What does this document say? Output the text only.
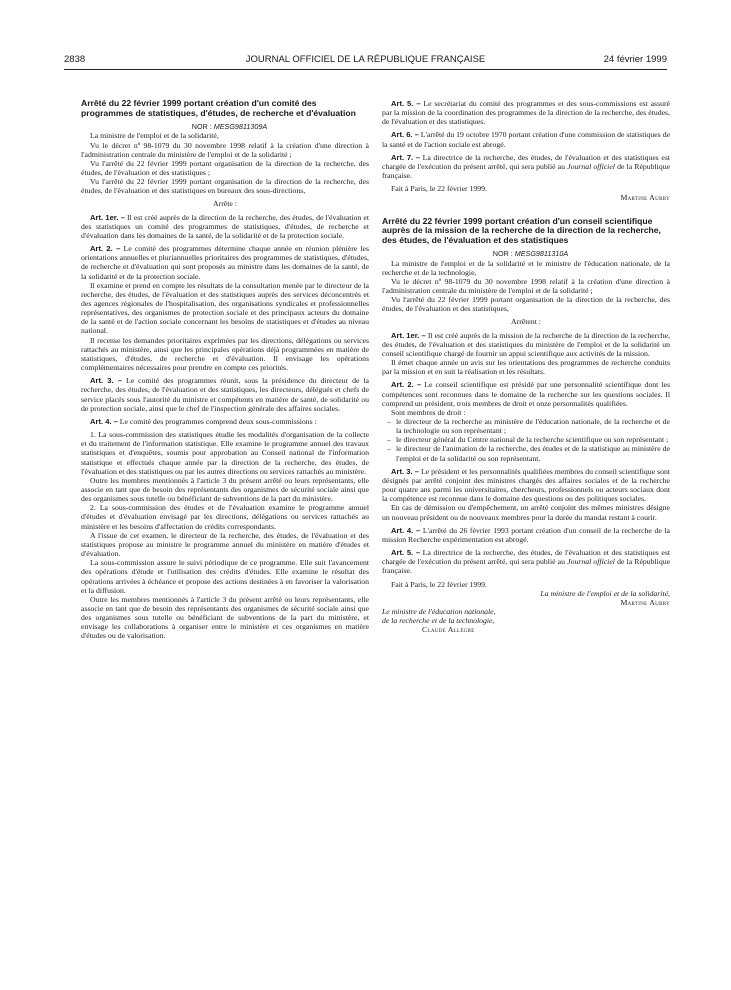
2838	JOURNAL OFFICIEL DE LA RÉPUBLIQUE FRANÇAISE	24 février 1999
Arrêté du 22 février 1999 portant création d'un comité des programmes de statistiques, d'études, de recherche et d'évaluation

NOR : MESG9811309A

La ministre de l'emploi et de la solidarité,

Vu le décret nº 98-1079 du 30 novembre 1998 relatif à la création d'une direction à l'administration centrale du ministère de l'emploi et de la solidarité ;

Vu l'arrêté du 22 février 1999 portant organisation de la direction de la recherche, des études, de l'évaluation et des statistiques ;

Vu l'arrêté du 22 février 1999 portant organisation de la direction de la recherche, des études, de l'évaluation et des statistiques en bureaux des sous-directions,

Arrête :

Art. 1er. – Il est créé auprès de la direction de la recherche, des études, de l'évaluation et des statistiques un comité des programmes de statistiques, d'études, de recherche et d'évaluation dans les domaines de la santé, de la solidarité et de la protection sociale.

Art. 2. – Le comité des programmes détermine chaque année en réunion plénière les orientations annuelles et pluriannuelles prioritaires des programmes de statistiques, d'études, de recherche et d'évaluation qui sont proposés au ministre dans les domaines de la santé, de la solidarité et de la protection sociale.

Il examine et prend en compte les résultats de la consultation menée par le directeur de la recherche, des études, de l'évaluation et des statistiques auprès des services déconcentrés et des agences régionales de l'hospitalisation, des organisations syndicales et professionnelles représentatives, des organismes de protection sociale et des principaux acteurs du domaine de la santé et de l'action sociale concernant les besoins de statistiques et d'études au niveau national.

Il recense les demandes prioritaires exprimées par les directions, délégations ou services rattachés au ministère, ainsi que les principales opérations déjà programmées en matière de statistiques, d'études, de recherche et d'évaluation. Il envisage les opérations complémentaires nécessaires pour prendre en compte ces priorités.

Art. 3. – Le comité des programmes réunit, sous la présidence du directeur de la recherche, des études, de l'évaluation et des statistiques, les directeurs, délégués et chefs de service placés sous l'autorité du ministre et compétents en matière de santé, de solidarité ou de protection sociale, ainsi que le chef de l'inspection générale des affaires sociales.

Art. 4. – Le comité des programmes comprend deux sous-commissions :

1. La sous-commission des statistiques étudie les modalités d'organisation de la collecte et du traitement de l'information statistique. Elle examine le programme annuel des travaux statistiques et d'enquêtes, soumis pour approbation au Conseil national de l'information statistique et effectués chaque année par la direction de la recherche, des études, de l'évaluation et des statistiques ou par les autres directions ou services rattachés au ministère.

Outre les membres mentionnés à l'article 3 du présent arrêté ou leurs représentants, elle associe en tant que de besoin des représentants des organismes de sécurité sociale ainsi que des organismes sous tutelle ou bénéficiant de subventions de la part du ministère.

2. La sous-commission des études et de l'évaluation examine le programme annuel d'études et d'évaluation envisagé par les directions, délégations ou services rattachés au ministère et les besoins d'affectation de crédits correspondants.

A l'issue de cet examen, le directeur de la recherche, des études, de l'évaluation et des statistiques propose au ministre le programme annuel du ministère en matière d'études et d'évaluation.

La sous-commission assure le suivi périodique de ce programme. Elle suit l'avancement des opérations d'étude et l'utilisation des crédits d'études. Elle examine le résultat des opérations arrivées à échéance et propose des actions destinées à en favoriser la valorisation et la diffusion.

Outre les membres mentionnés à l'article 3 du présent arrêté ou leurs représentants, elle associe en tant que de besoin des représentants des organismes de sécurité sociale ainsi que des organismes sous tutelle ou bénéficiant de subventions de la part du ministère, et envisage les collaborations à organiser entre le ministère et ces organismes en matière d'études ou de valorisation.

Art. 5. – Le secrétariat du comité des programmes et des sous-commissions est assuré par la mission de la coordination des programmes de la direction de la recherche, des études, de l'évaluation et des statistiques.

Art. 6. – L'arrêté du 19 octobre 1970 portant création d'une commission de statistiques de la santé et de l'action sociale est abrogé.

Art. 7. – La directrice de la recherche, des études, de l'évaluation et des statistiques est chargée de l'exécution du présent arrêté, qui sera publié au Journal officiel de la République française.

Fait à Paris, le 22 février 1999.

Martine Aubry

Arrêté du 22 février 1999 portant création d'un conseil scientifique auprès de la mission de la recherche de la direction de la recherche, des études, de l'évaluation et des statistiques

NOR : MESG9811310A

La ministre de l'emploi et de la solidarité et le ministre de l'éducation nationale, de la recherche et de la technologie,

Vu le décret nº 98-1079 du 30 novembre 1998 relatif à la création d'une direction à l'administration centrale du ministère de l'emploi et de la solidarité ;

Vu l'arrêté du 22 février 1999 portant organisation de la direction de la recherche, des études, de l'évaluation et des statistiques,

Arrêtent :

Art. 1er. – Il est créé auprès de la mission de la recherche de la direction de la recherche, des études, de l'évaluation et des statistiques du ministère de l'emploi et de la solidarité un conseil scientifique chargé de fournir un appui scientifique aux activités de la mission.

Il émet chaque année un avis sur les orientations des programmes de recherche conduits par la mission et en suit la réalisation et les résultats.

Art. 2. – Le conseil scientifique est présidé par une personnalité scientifique dont les compétences sont reconnues dans le domaine de la recherche sur les questions sociales. Il comprend un président, trois membres de droit et onze personnalités qualifiées.

Sont membres de droit :

– le directeur de la recherche au ministère de l'éducation nationale, de la recherche et de la technologie ou son représentant ;
– le directeur général du Centre national de la recherche scientifique ou son représentant ;
– le directeur de l'animation de la recherche, des études et de la statistique au ministère de l'emploi et de la solidarité ou son représentant.

Art. 3. – Le président et les personnalités qualifiées membres du conseil scientifique sont désignés par arrêté conjoint des ministres chargés des affaires sociales et de la recherche pour quatre ans parmi les universitaires, chercheurs, professionnels ou acteurs sociaux dont la compétence est reconnue dans le domaine des questions ou des politiques sociales.

En cas de démission ou d'empêchement, un arrêté conjoint des mêmes ministres désigne un nouveau président ou de nouveaux membres pour la durée du mandat restant à courir.

Art. 4. – L'arrêté du 26 février 1993 portant création d'un conseil de la recherche de la mission Recherche expérimentation est abrogé.

Art. 5. – La directrice de la recherche, des études, de l'évaluation et des statistiques est chargée de l'exécution du présent arrêté, qui sera publié au Journal officiel de la République française.

Fait à Paris, le 22 février 1999.

La ministre de l'emploi et de la solidarité,

Martine Aubry

Le ministre de l'éducation nationale,

de la recherche et de la technologie,

Claude Allègre
